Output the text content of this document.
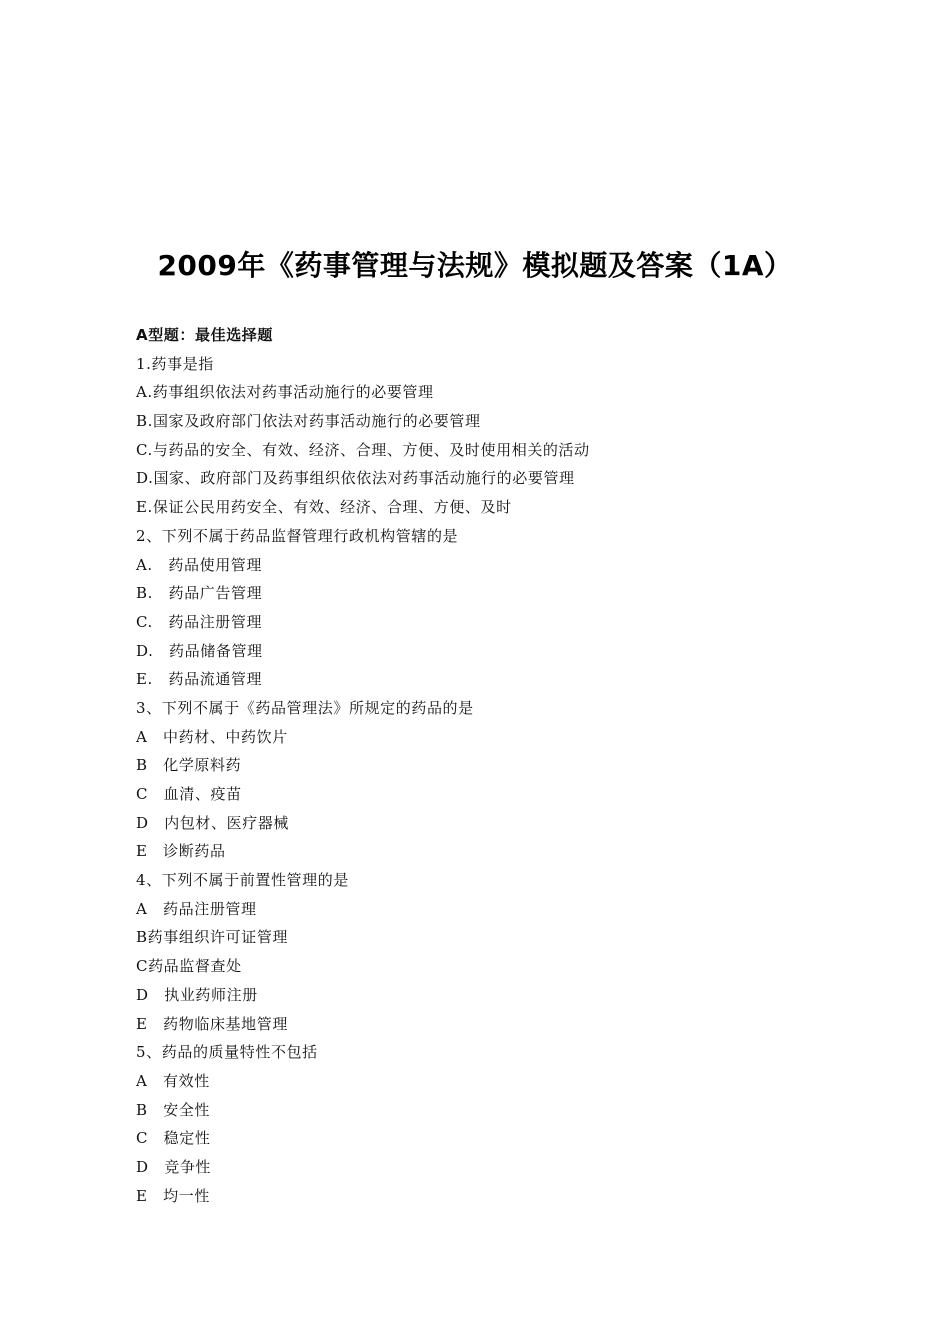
2009年《药事管理与法规》模拟题及答案（1A）
A型题：最佳选择题
1.药事是指
A.药事组织依法对药事活动施行的必要管理
B.国家及政府部门依法对药事活动施行的必要管理
C.与药品的安全、有效、经济、合理、方便、及时使用相关的活动
D.国家、政府部门及药事组织依依法对药事活动施行的必要管理
E.保证公民用药安全、有效、经济、合理、方便、及时
2、下列不属于药品监督管理行政机构管辖的是
A.　药品使用管理
B.　药品广告管理
C.　药品注册管理
D.　药品储备管理
E.　药品流通管理
3、下列不属于《药品管理法》所规定的药品的是
A　中药材、中药饮片
B　化学原料药
C　血清、疫苗
D　内包材、医疗器械
E　诊断药品
4、下列不属于前置性管理的是
A　药品注册管理
B药事组织许可证管理
C药品监督查处
D　执业药师注册
E　药物临床基地管理
5、药品的质量特性不包括
A　有效性
B　安全性
C　稳定性
D　竞争性
E　均一性
